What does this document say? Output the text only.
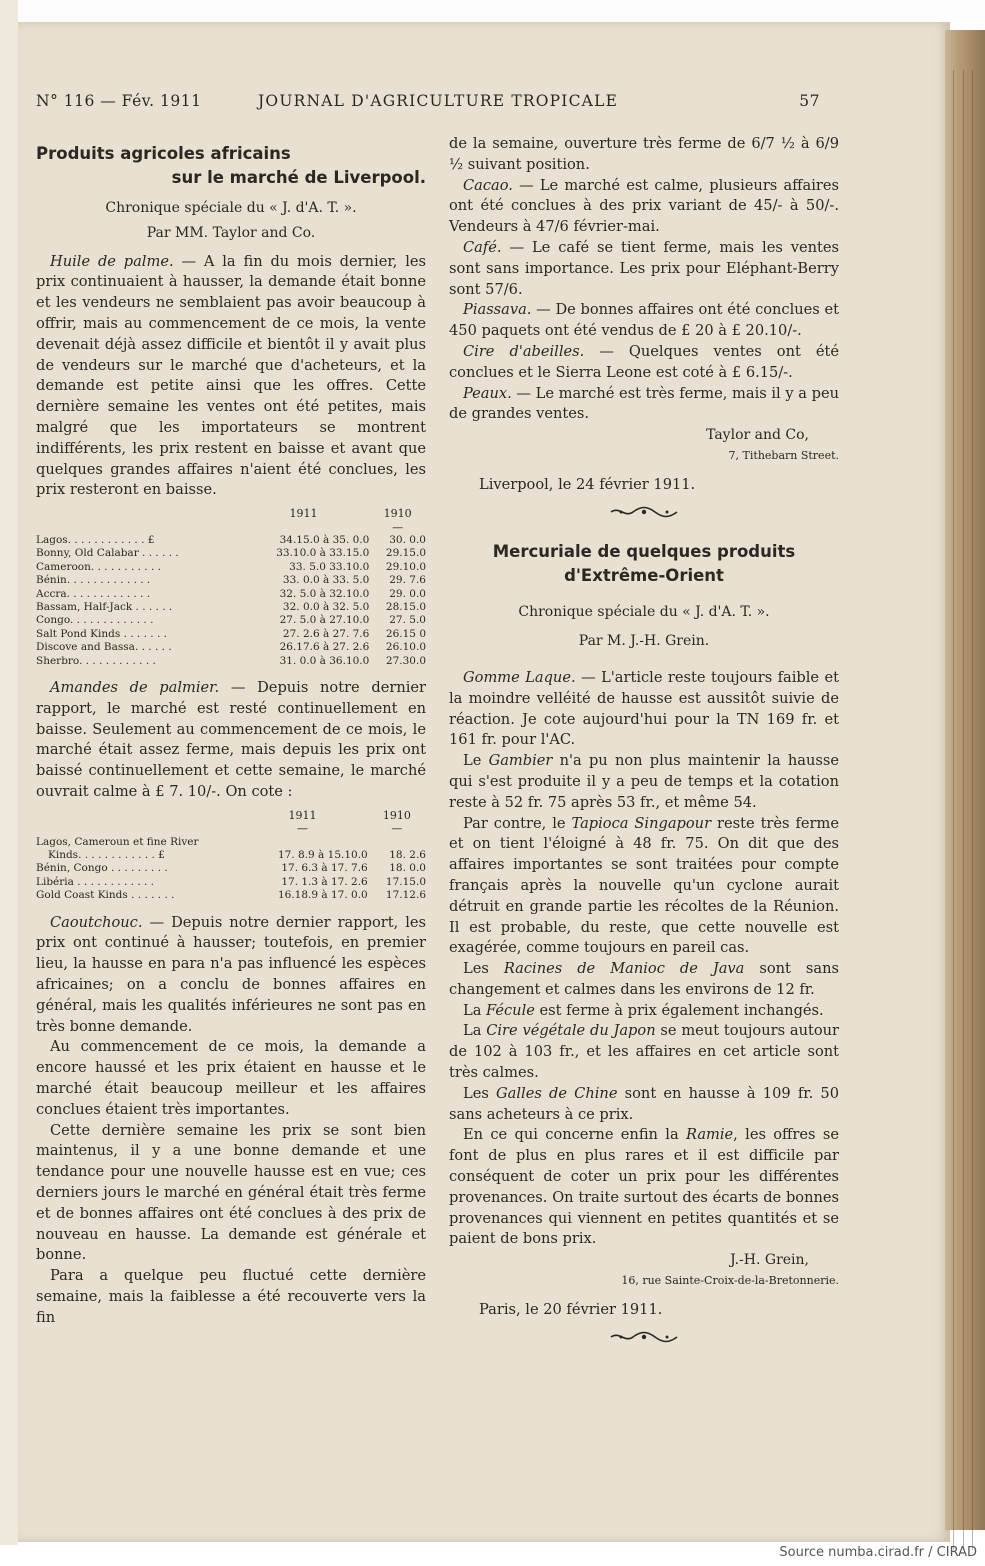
N° 116 — Fév. 1911	JOURNAL D'AGRICULTURE TROPICALE	57
Produits agricoles africains
sur le marché de Liverpool.
Chronique spéciale du « J. d'A. T. ».
Par MM. Taylor and Co.

Huile de palme. — A la fin du mois dernier, les prix continuaient à hausser, la demande était bonne et les vendeurs ne semblaient pas avoir beaucoup à offrir, mais au commencement de ce mois, la vente devenait déjà assez difficile et bientôt il y avait plus de vendeurs sur le marché que d'acheteurs, et la demande est petite ainsi que les offres. Cette dernière semaine les ventes ont été petites, mais malgré que les importateurs se montrent indifférents, les prix restent en baisse et avant que quelques grandes affaires n'aient été conclues, les prix resteront en baisse.

	1911	1910
		—
Lagos. . . . . . . . . . . . £	34.15.0 à 35. 0.0	30. 0.0
Bonny, Old Calabar . . . . . .	33.10.0 à 33.15.0	29.15.0
Cameroon. . . . . . . . . . .	33. 5.0 33.10.0	29.10.0
Bénin. . . . . . . . . . . . .	33. 0.0 à 33. 5.0	29. 7.6
Accra. . . . . . . . . . . . .	32. 5.0 à 32.10.0	29. 0.0
Bassam, Half-Jack . . . . . .	32. 0.0 à 32. 5.0	28.15.0
Congo. . . . . . . . . . . . .	27. 5.0 à 27.10.0	27. 5.0
Salt Pond Kinds . . . . . . .	27. 2.6 à 27. 7.6	26.15 0
Discove and Bassa. . . . . .	26.17.6 à 27. 2.6	26.10.0
Sherbro. . . . . . . . . . . .	31. 0.0 à 36.10.0	27.30.0

Amandes de palmier. — Depuis notre dernier rapport, le marché est resté continuellement en baisse. Seulement au commencement de ce mois, le marché était assez ferme, mais depuis les prix ont baissé continuellement et cette semaine, le marché ouvrait calme à £ 7. 10/-. On cote :

	1911	1910
	—	—
Lagos, Cameroun et fine River		
Kinds. . . . . . . . . . . . £	17. 8.9 à 15.10.0	18. 2.6
Bénin, Congo . . . . . . . . .	17. 6.3 à 17. 7.6	18. 0.0
Libéria . . . . . . . . . . . .	17. 1.3 à 17. 2.6	17.15.0
Gold Coast Kinds . . . . . . .	16.18.9 à 17. 0.0	17.12.6

Caoutchouc. — Depuis notre dernier rapport, les prix ont continué à hausser; toutefois, en premier lieu, la hausse en para n'a pas influencé les espèces africaines; on a conclu de bonnes affaires en général, mais les qualités inférieures ne sont pas en très bonne demande.

Au commencement de ce mois, la demande a encore haussé et les prix étaient en hausse et le marché était beaucoup meilleur et les affaires conclues étaient très importantes.

Cette dernière semaine les prix se sont bien maintenus, il y a une bonne demande et une tendance pour une nouvelle hausse est en vue; ces derniers jours le marché en général était très ferme et de bonnes affaires ont été conclues à des prix de nouveau en hausse. La demande est générale et bonne.

Para a quelque peu fluctué cette dernière semaine, mais la faiblesse a été recouverte vers la fin

de la semaine, ouverture très ferme de 6/7 ½ à 6/9 ½ suivant position.

Cacao. — Le marché est calme, plusieurs affaires ont été conclues à des prix variant de 45/- à 50/-. Vendeurs à 47/6 février-mai.

Café. — Le café se tient ferme, mais les ventes sont sans importance. Les prix pour Eléphant-Berry sont 57/6.

Piassava. — De bonnes affaires ont été conclues et 450 paquets ont été vendus de £ 20 à £ 20.10/-.

Cire d'abeilles. — Quelques ventes ont été conclues et le Sierra Leone est coté à £ 6.15/-.

Peaux. — Le marché est très ferme, mais il y a peu de grandes ventes.

Taylor and Co,
7, Tithebarn Street.
Liverpool, le 24 février 1911.
Mercuriale de quelques produits
d'Extrême-Orient
Chronique spéciale du « J. d'A. T. ».
Par M. J.-H. Grein.

Gomme Laque. — L'article reste toujours faible et la moindre velléité de hausse est aussitôt suivie de réaction. Je cote aujourd'hui pour la TN 169 fr. et 161 fr. pour l'AC.

Le Gambier n'a pu non plus maintenir la hausse qui s'est produite il y a peu de temps et la cotation reste à 52 fr. 75 après 53 fr., et même 54.

Par contre, le Tapioca Singapour reste très ferme et on tient l'éloigné à 48 fr. 75. On dit que des affaires importantes se sont traitées pour compte français après la nouvelle qu'un cyclone aurait détruit en grande partie les récoltes de la Réunion. Il est probable, du reste, que cette nouvelle est exagérée, comme toujours en pareil cas.

Les Racines de Manioc de Java sont sans changement et calmes dans les environs de 12 fr.

La Fécule est ferme à prix également inchangés.

La Cire végétale du Japon se meut toujours autour de 102 à 103 fr., et les affaires en cet article sont très calmes.

Les Galles de Chine sont en hausse à 109 fr. 50 sans acheteurs à ce prix.

En ce qui concerne enfin la Ramie, les offres se font de plus en plus rares et il est difficile par conséquent de coter un prix pour les différentes provenances. On traite surtout des écarts de bonnes provenances qui viennent en petites quantités et se paient de bons prix.

J.-H. Grein,
16, rue Sainte-Croix-de-la-Bretonnerie.
Paris, le 20 février 1911.
Source numba.cirad.fr / CIRAD
